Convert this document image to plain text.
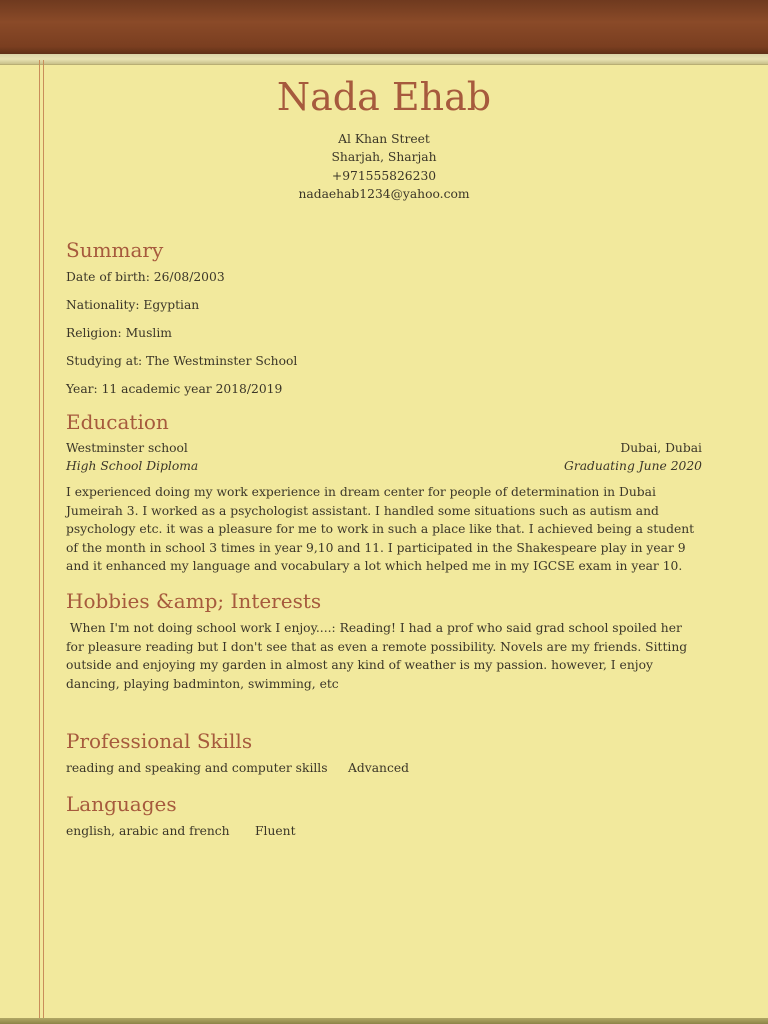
Nada Ehab
Al Khan Street
Sharjah, Sharjah
+971555826230
nadaehab1234@yahoo.com
Summary

Date of birth: 26/08/2003

Nationality: Egyptian

Religion: Muslim

Studying at: The Westminster School

Year: 11 academic year 2018/2019

Education
Westminster school	Dubai, Dubai
High School Diploma	Graduating June 2020

I experienced doing my work experience in dream center for people of determination in Dubai Jumeirah 3. I worked as a psychologist assistant. I handled some situations such as autism and psychology etc. it was a pleasure for me to work in such a place like that. I achieved being a student of the month in school 3 times in year 9,10 and 11. I participated in the Shakespeare play in year 9 and it enhanced my language and vocabulary a lot which helped me in my IGCSE exam in year 10.

Hobbies &amp; Interests

When I'm not doing school work I enjoy....: Reading! I had a prof who said grad school spoiled her for pleasure reading but I don't see that as even a remote possibility. Novels are my friends. Sitting outside and enjoying my garden in almost any kind of weather is my passion. however, I enjoy dancing, playing badminton, swimming, etc

Professional Skills
reading and speaking and computer skills	Advanced
Languages
english, arabic and french	Fluent
